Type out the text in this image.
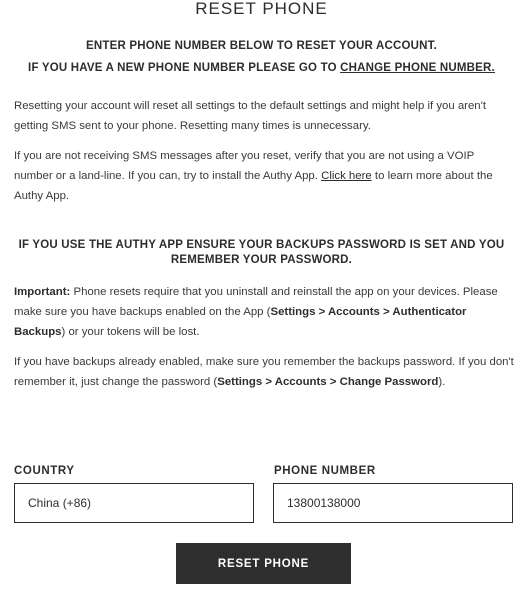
RESET PHONE
ENTER PHONE NUMBER BELOW TO RESET YOUR ACCOUNT.
IF YOU HAVE A NEW PHONE NUMBER PLEASE GO TO CHANGE PHONE NUMBER.

Resetting your account will reset all settings to the default settings and might help if you aren't getting SMS sent to your phone. Resetting many times is unnecessary.

If you are not receiving SMS messages after you reset, verify that you are not using a VOIP number or a land-line. If you can, try to install the Authy App. Click here to learn more about the Authy App.

IF YOU USE THE AUTHY APP ENSURE YOUR BACKUPS PASSWORD IS SET AND YOU REMEMBER YOUR PASSWORD.

Important: Phone resets require that you uninstall and reinstall the app on your devices. Please make sure you have backups enabled on the App (Settings > Accounts > Authenticator Backups) or your tokens will be lost.

If you have backups already enabled, make sure you remember the backups password. If you don't remember it, just change the password (Settings > Accounts > Change Password).

COUNTRY
China (+86)
PHONE NUMBER
13800138000
RESET PHONE
